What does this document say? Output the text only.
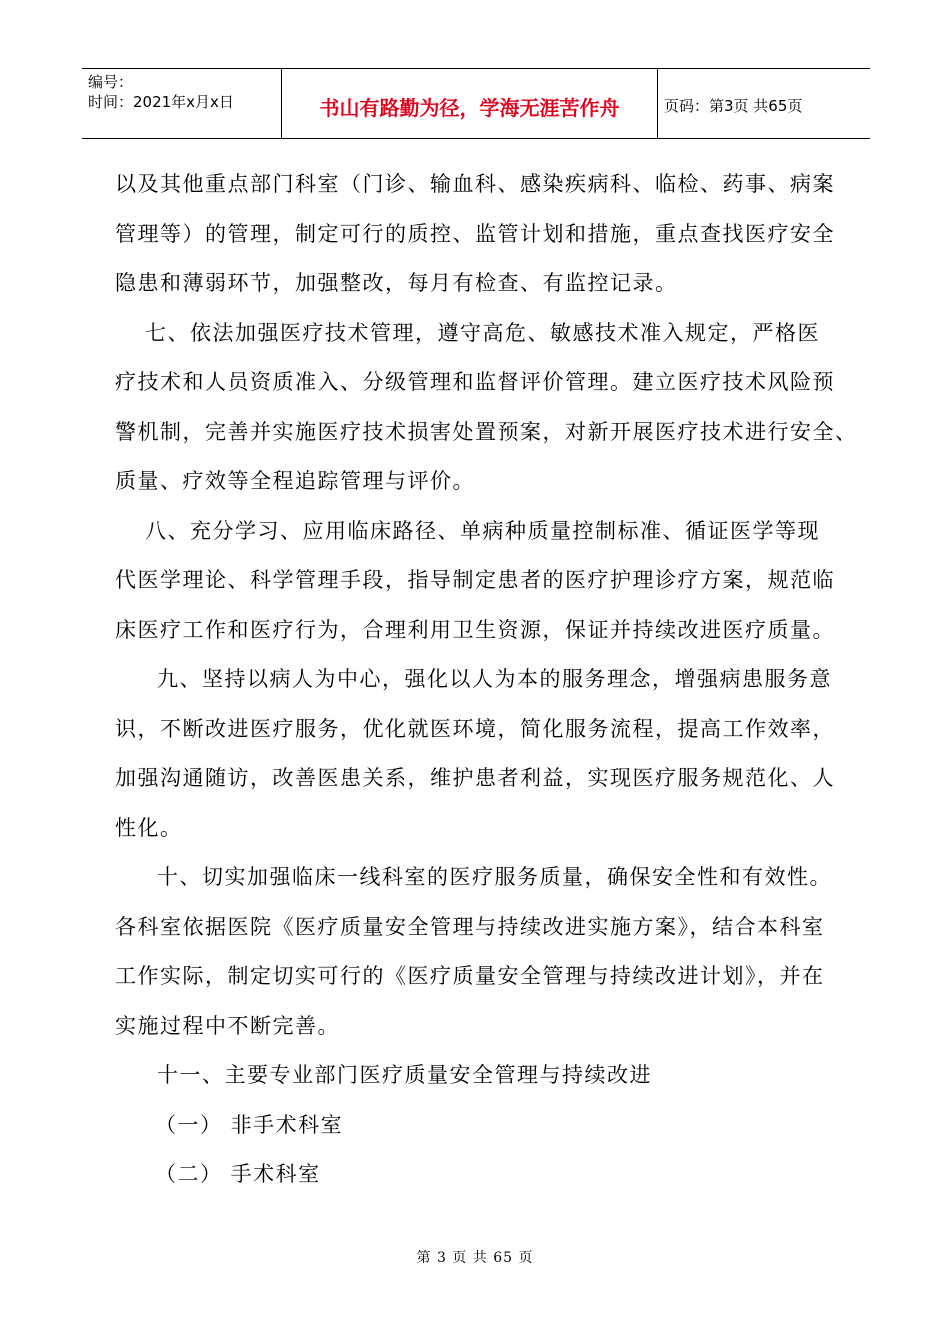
编号：
时间：2021年x月x日	书山有路勤为径，学海无涯苦作舟	页码：第3页 共65页
以及其他重点部门科室（门诊、输血科、感染疾病科、临检、药事、病案
管理等）的管理，制定可行的质控、监管计划和措施，重点查找医疗安全
隐患和薄弱环节，加强整改，每月有检查、有监控记录。
七、依法加强医疗技术管理，遵守高危、敏感技术准入规定，严格医
疗技术和人员资质准入、分级管理和监督评价管理。建立医疗技术风险预
警机制，完善并实施医疗技术损害处置预案，对新开展医疗技术进行安全、
质量、疗效等全程追踪管理与评价。
八、充分学习、应用临床路径、单病种质量控制标准、循证医学等现
代医学理论、科学管理手段，指导制定患者的医疗护理诊疗方案，规范临
床医疗工作和医疗行为，合理利用卫生资源，保证并持续改进医疗质量。
九、坚持以病人为中心，强化以人为本的服务理念，增强病患服务意
识，不断改进医疗服务，优化就医环境，简化服务流程，提高工作效率，
加强沟通随访，改善医患关系，维护患者利益，实现医疗服务规范化、人
性化。
十、切实加强临床一线科室的医疗服务质量，确保安全性和有效性。
各科室依据医院《医疗质量安全管理与持续改进实施方案》，结合本科室
工作实际，制定切实可行的《医疗质量安全管理与持续改进计划》，并在
实施过程中不断完善。
十一、主要专业部门医疗质量安全管理与持续改进
（一） 非手术科室
（二） 手术科室
第 3 页 共 65 页
